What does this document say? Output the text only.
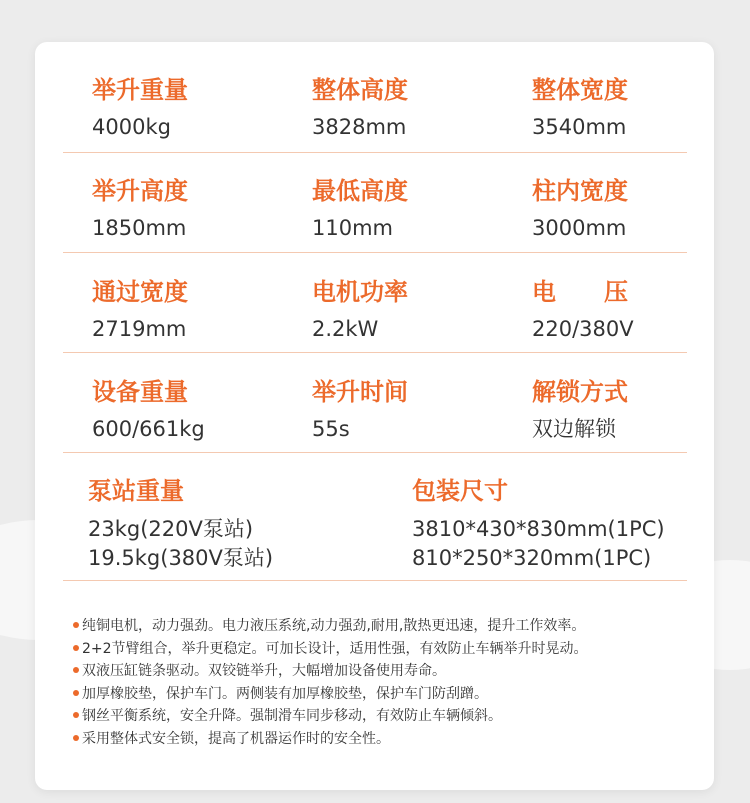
举升重量
4000kg
整体高度
3828mm
整体宽度
3540mm
举升高度
1850mm
最低高度
110mm
柱内宽度
3000mm
通过宽度
2719mm
电机功率
2.2kW
电　　压
220/380V
设备重量
600/661kg
举升时间
55s
解锁方式
双边解锁
泵站重量
23kg(220V泵站)
19.5kg(380V泵站)
包装尺寸
3810*430*830mm(1PC)
810*250*320mm(1PC)
纯铜电机，动力强劲。电力液压系统,动力强劲,耐用,散热更迅速，提升工作效率。
2+2节臂组合，举升更稳定。可加长设计，适用性强，有效防止车辆举升时晃动。
双液压缸链条驱动。双铰链举升，大幅增加设备使用寿命。
加厚橡胶垫，保护车门。两侧装有加厚橡胶垫，保护车门防刮蹭。
钢丝平衡系统，安全升降。强制滑车同步移动，有效防止车辆倾斜。
采用整体式安全锁，提高了机器运作时的安全性。
